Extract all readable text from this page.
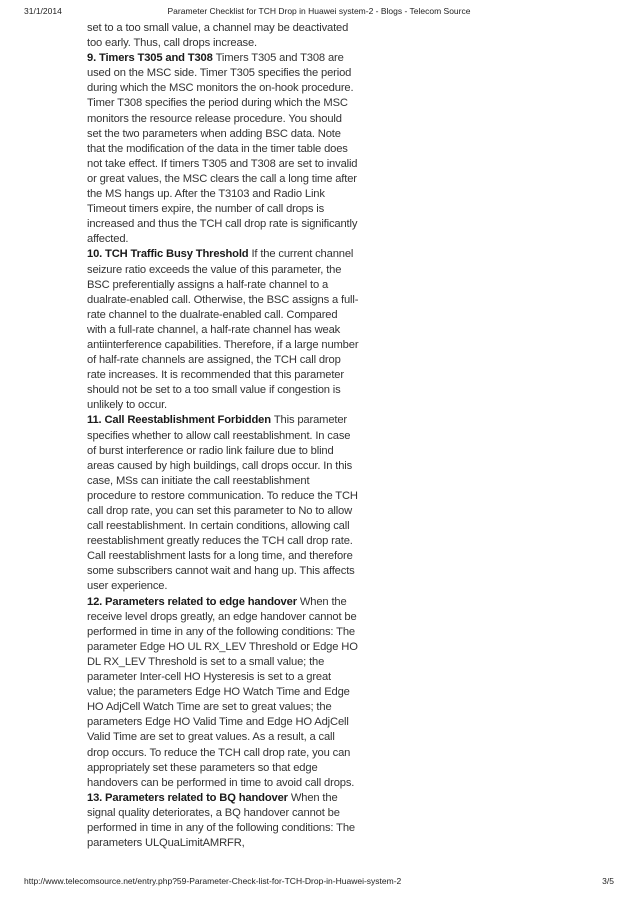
31/1/2014	Parameter Checklist for TCH Drop in Huawei system-2 - Blogs - Telecom Source

set to a too small value, a channel may be deactivated too early. Thus, call drops increase.

9. Timers T305 and T308 Timers T305 and T308 are used on the MSC side. Timer T305 specifies the period during which the MSC monitors the on-hook procedure. Timer T308 specifies the period during which the MSC monitors the resource release procedure. You should set the two parameters when adding BSC data. Note that the modification of the data in the timer table does not take effect. If timers T305 and T308 are set to invalid or great values, the MSC clears the call a long time after the MS hangs up. After the T3103 and Radio Link Timeout timers expire, the number of call drops is increased and thus the TCH call drop rate is significantly affected.

10. TCH Traffic Busy Threshold If the current channel seizure ratio exceeds the value of this parameter, the BSC preferentially assigns a half-rate channel to a dualrate-enabled call. Otherwise, the BSC assigns a full-rate channel to the dualrate-enabled call. Compared with a full-rate channel, a half-rate channel has weak antiinterference capabilities. Therefore, if a large number of half-rate channels are assigned, the TCH call drop rate increases. It is recommended that this parameter should not be set to a too small value if congestion is unlikely to occur.

11. Call Reestablishment Forbidden This parameter specifies whether to allow call reestablishment. In case of burst interference or radio link failure due to blind areas caused by high buildings, call drops occur. In this case, MSs can initiate the call reestablishment procedure to restore communication. To reduce the TCH call drop rate, you can set this parameter to No to allow call reestablishment. In certain conditions, allowing call reestablishment greatly reduces the TCH call drop rate. Call reestablishment lasts for a long time, and therefore some subscribers cannot wait and hang up. This affects user experience.

12. Parameters related to edge handover When the receive level drops greatly, an edge handover cannot be performed in time in any of the following conditions: The parameter Edge HO UL RX_LEV Threshold or Edge HO DL RX_LEV Threshold is set to a small value; the parameter Inter-cell HO Hysteresis is set to a great value; the parameters Edge HO Watch Time and Edge HO AdjCell Watch Time are set to great values; the parameters Edge HO Valid Time and Edge HO AdjCell Valid Time are set to great values. As a result, a call drop occurs. To reduce the TCH call drop rate, you can appropriately set these parameters so that edge handovers can be performed in time to avoid call drops.

13. Parameters related to BQ handover When the signal quality deteriorates, a BQ handover cannot be performed in time in any of the following conditions: The parameters ULQuaLimitAMRFR,

http://www.telecomsource.net/entry.php?59-Parameter-Check-list-for-TCH-Drop-in-Huawei-system-2	3/5
